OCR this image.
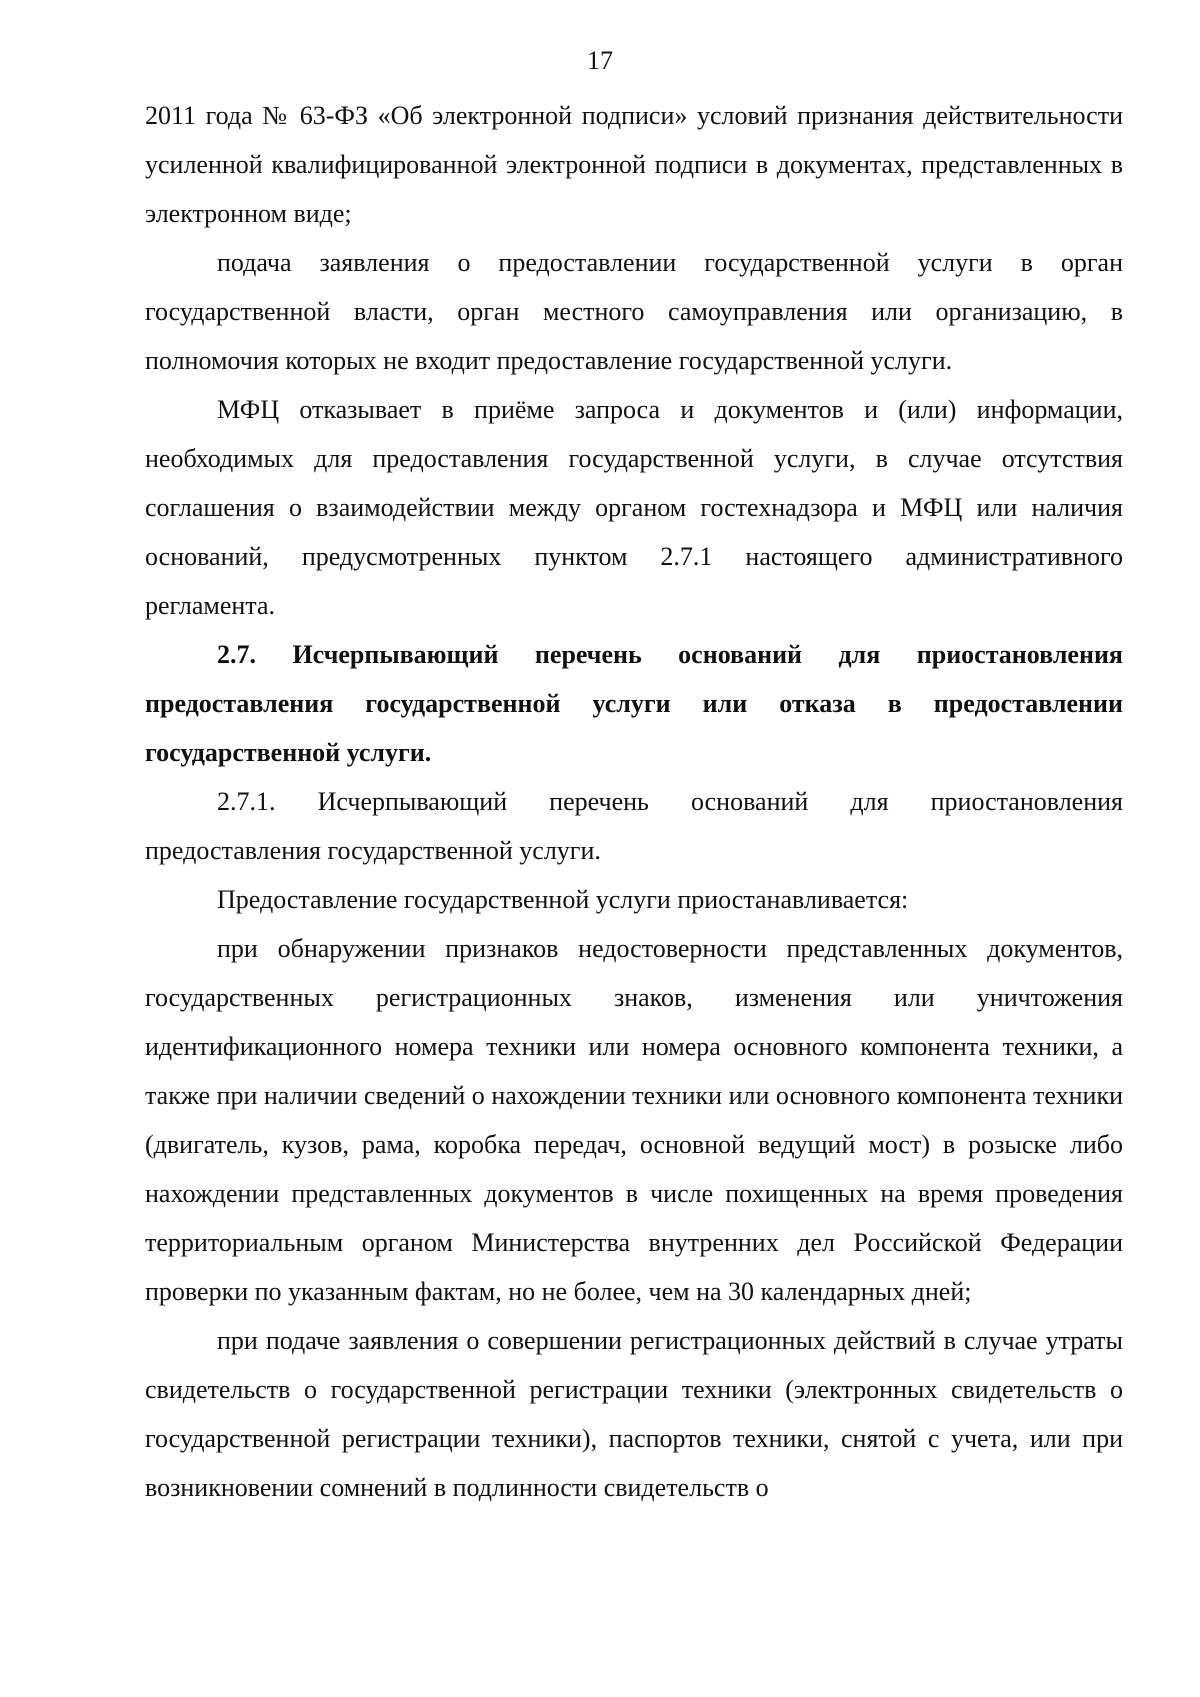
17

2011 года № 63-ФЗ «Об электронной подписи» условий признания действительности усиленной квалифицированной электронной подписи в документах, представленных в электронном виде;

подача заявления о предоставлении государственной услуги в орган государственной власти, орган местного самоуправления или организацию, в полномочия которых не входит предоставление государственной услуги.

МФЦ отказывает в приёме запроса и документов и (или) информации, необходимых для предоставления государственной услуги, в случае отсутствия соглашения о взаимодействии между органом гостехнадзора и МФЦ или наличия оснований, предусмотренных пунктом 2.7.1 настоящего административного регламента.

2.7. Исчерпывающий перечень оснований для приостановления предоставления государственной услуги или отказа в предоставлении государственной услуги.

2.7.1. Исчерпывающий перечень оснований для приостановления предоставления государственной услуги.

Предоставление государственной услуги приостанавливается:

при обнаружении признаков недостоверности представленных документов, государственных регистрационных знаков, изменения или уничтожения идентификационного номера техники или номера основного компонента техники, а также при наличии сведений о нахождении техники или основного компонента техники (двигатель, кузов, рама, коробка передач, основной ведущий мост) в розыске либо нахождении представленных документов в числе похищенных на время проведения территориальным органом Министерства внутренних дел Российской Федерации проверки по указанным фактам, но не более, чем на 30 календарных дней;

при подаче заявления о совершении регистрационных действий в случае утраты свидетельств о государственной регистрации техники (электронных свидетельств о государственной регистрации техники), паспортов техники, снятой с учета, или при возникновении сомнений в подлинности свидетельств о
